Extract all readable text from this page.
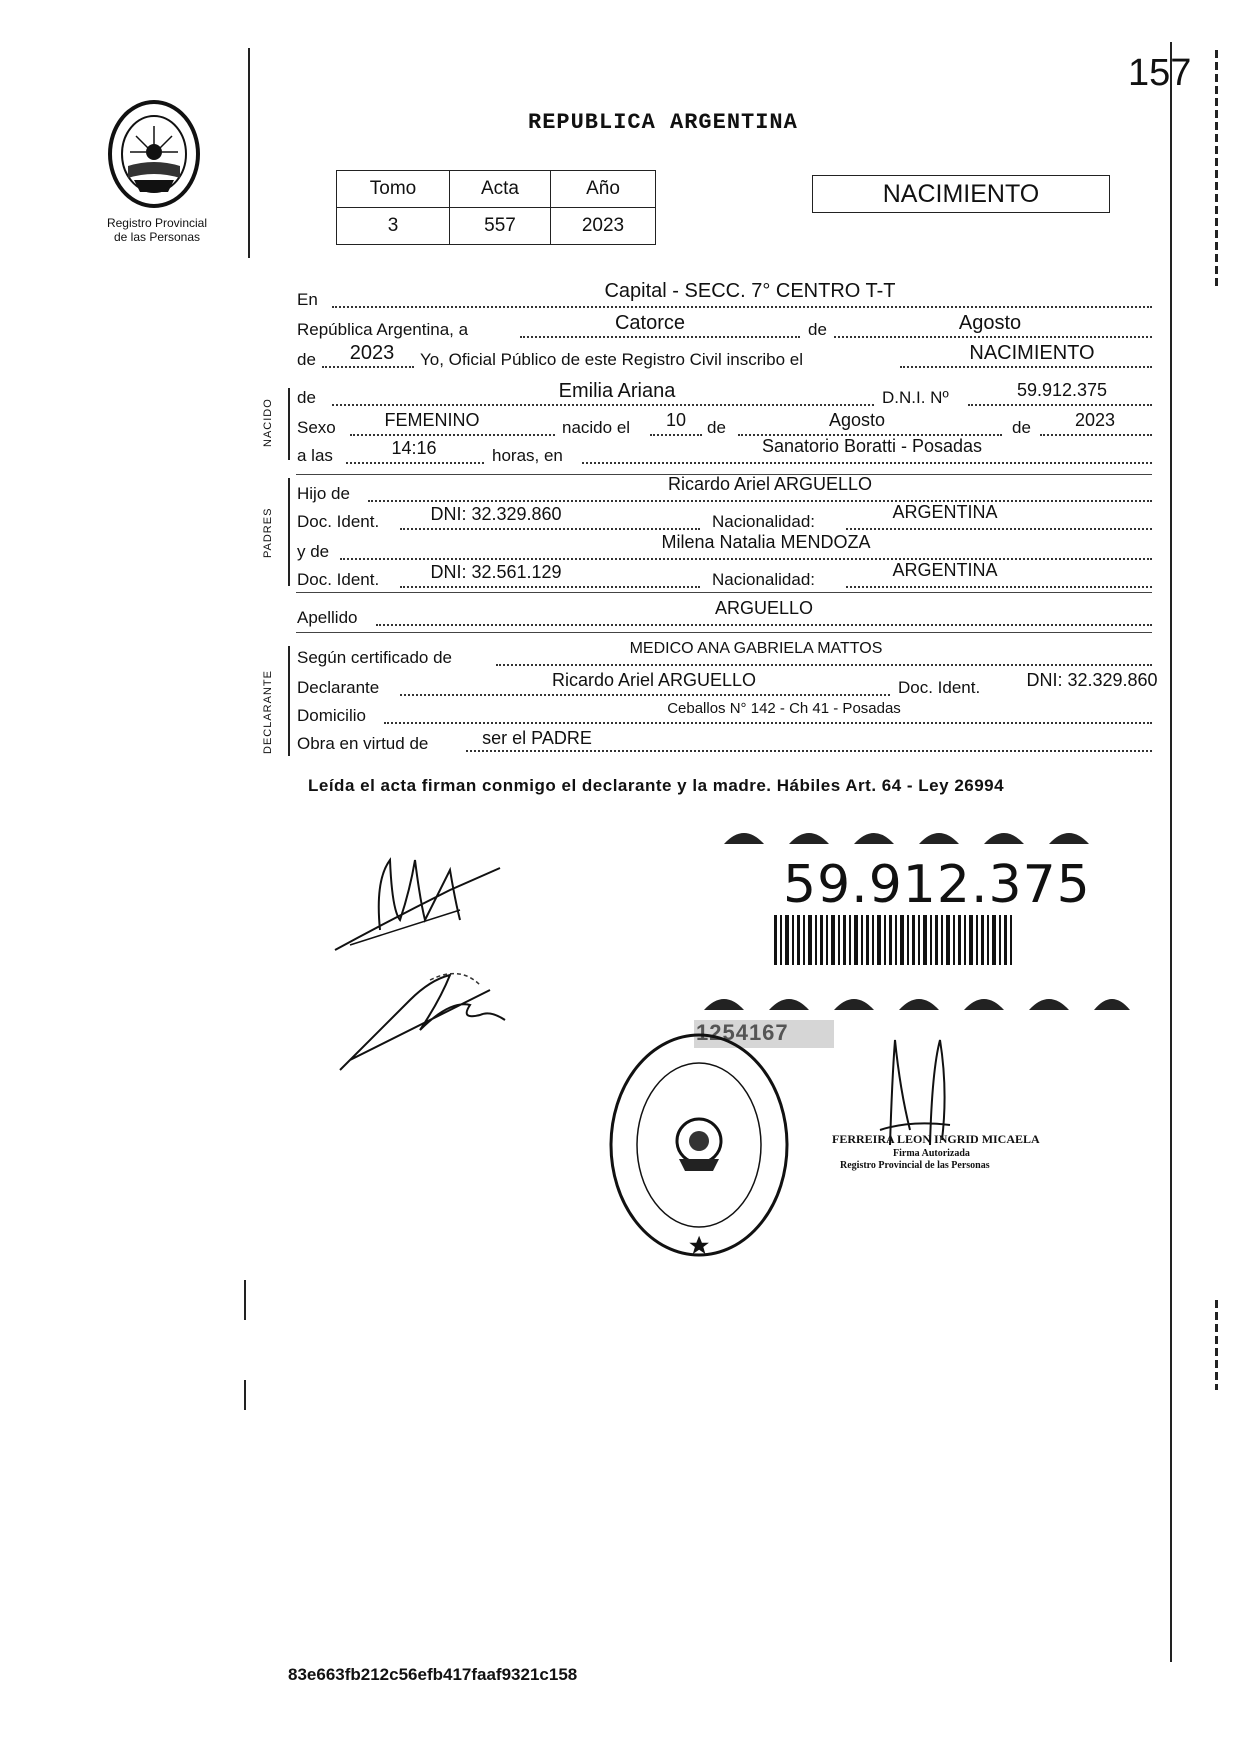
157
Registro Provincial
de las Personas
REPUBLICA ARGENTINA
Tomo	Acta	Año
3	557	2023
NACIMIENTO
En	Capital - SECC. 7° CENTRO T-T
República Argentina, a	Catorce	de	Agosto
de 2023 Yo, Oficial Público de este Registro Civil inscribo el	NACIMIENTO
NACIDO
de	Emilia Ariana	D.N.I. Nº	59.912.375
Sexo	FEMENINO	nacido el 10 de	Agosto	de 2023
a las	14:16	horas, en	Sanatorio Boratti - Posadas
PADRES
Hijo de	Ricardo Ariel ARGUELLO
Doc. Ident.	DNI: 32.329.860	Nacionalidad:	ARGENTINA
y de	Milena Natalia MENDOZA
Doc. Ident.	DNI: 32.561.129	Nacionalidad:	ARGENTINA
Apellido	ARGUELLO
DECLARANTE
Según certificado de	MEDICO ANA GABRIELA MATTOS
Declarante	Ricardo Ariel ARGUELLO	Doc. Ident.	DNI: 32.329.860
Domicilio	Ceballos N° 142 - Ch 41 - Posadas
Obra en virtud de	ser el PADRE
Leída el acta firman conmigo el declarante y la madre. Hábiles Art. 64 - Ley 26994
59.912.375
1254167
FERREIRA LEON INGRID MICAELA
Firma Autorizada
Registro Provincial de las Personas
83e663fb212c56efb417faaf9321c158
